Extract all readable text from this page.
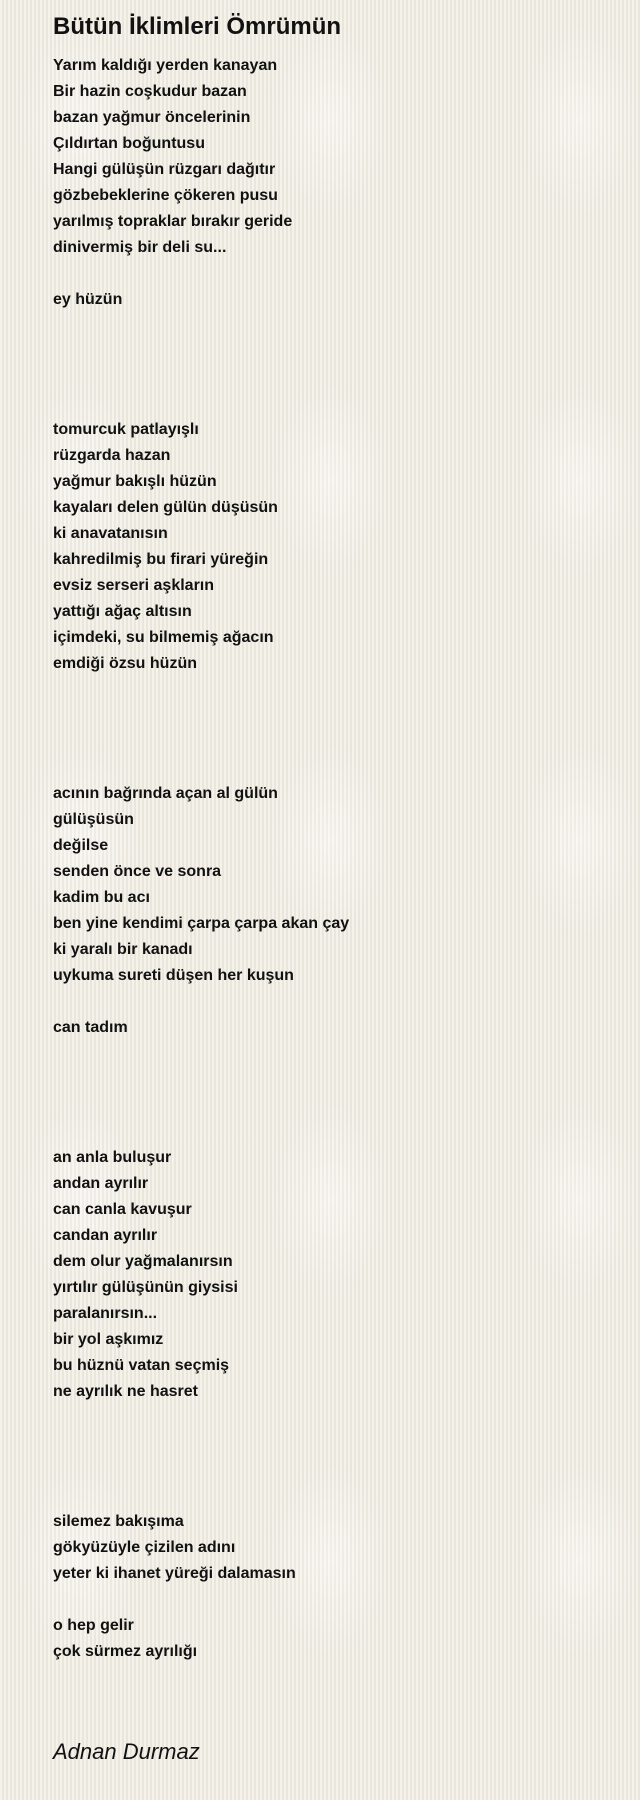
Bütün İklimleri Ömrümün
Yarım kaldığı yerden kanayan
Bir hazin coşkudur bazan
bazan yağmur öncelerinin
Çıldırtan boğuntusu
Hangi gülüşün rüzgarı dağıtır
gözbebeklerine çökeren pusu
yarılmış topraklar bırakır geride
dinivermiş bir deli su...
ey hüzün
tomurcuk patlayışlı
rüzgarda hazan
yağmur bakışlı hüzün
kayaları delen gülün düşüsün
ki anavatanısın
kahredilmiş bu firari yüreğin
evsiz serseri aşkların
yattığı ağaç altısın
içimdeki, su bilmemiş ağacın
emdiği özsu hüzün
acının bağrında açan al gülün
gülüşüsün
değilse
senden önce ve sonra
kadim bu acı
ben yine kendimi çarpa çarpa akan çay
ki yaralı bir kanadı
uykuma sureti düşen her kuşun
can tadım
an anla buluşur
andan ayrılır
can canla kavuşur
candan ayrılır
dem olur yağmalanırsın
yırtılır gülüşünün giysisi
paralanırsın...
bir yol aşkımız
bu hüznü vatan seçmiş
ne ayrılık ne hasret
silemez bakışıma
gökyüzüyle çizilen adını
yeter ki ihanet yüreği dalamasın
o hep gelir
çok sürmez ayrılığı

Adnan Durmaz
